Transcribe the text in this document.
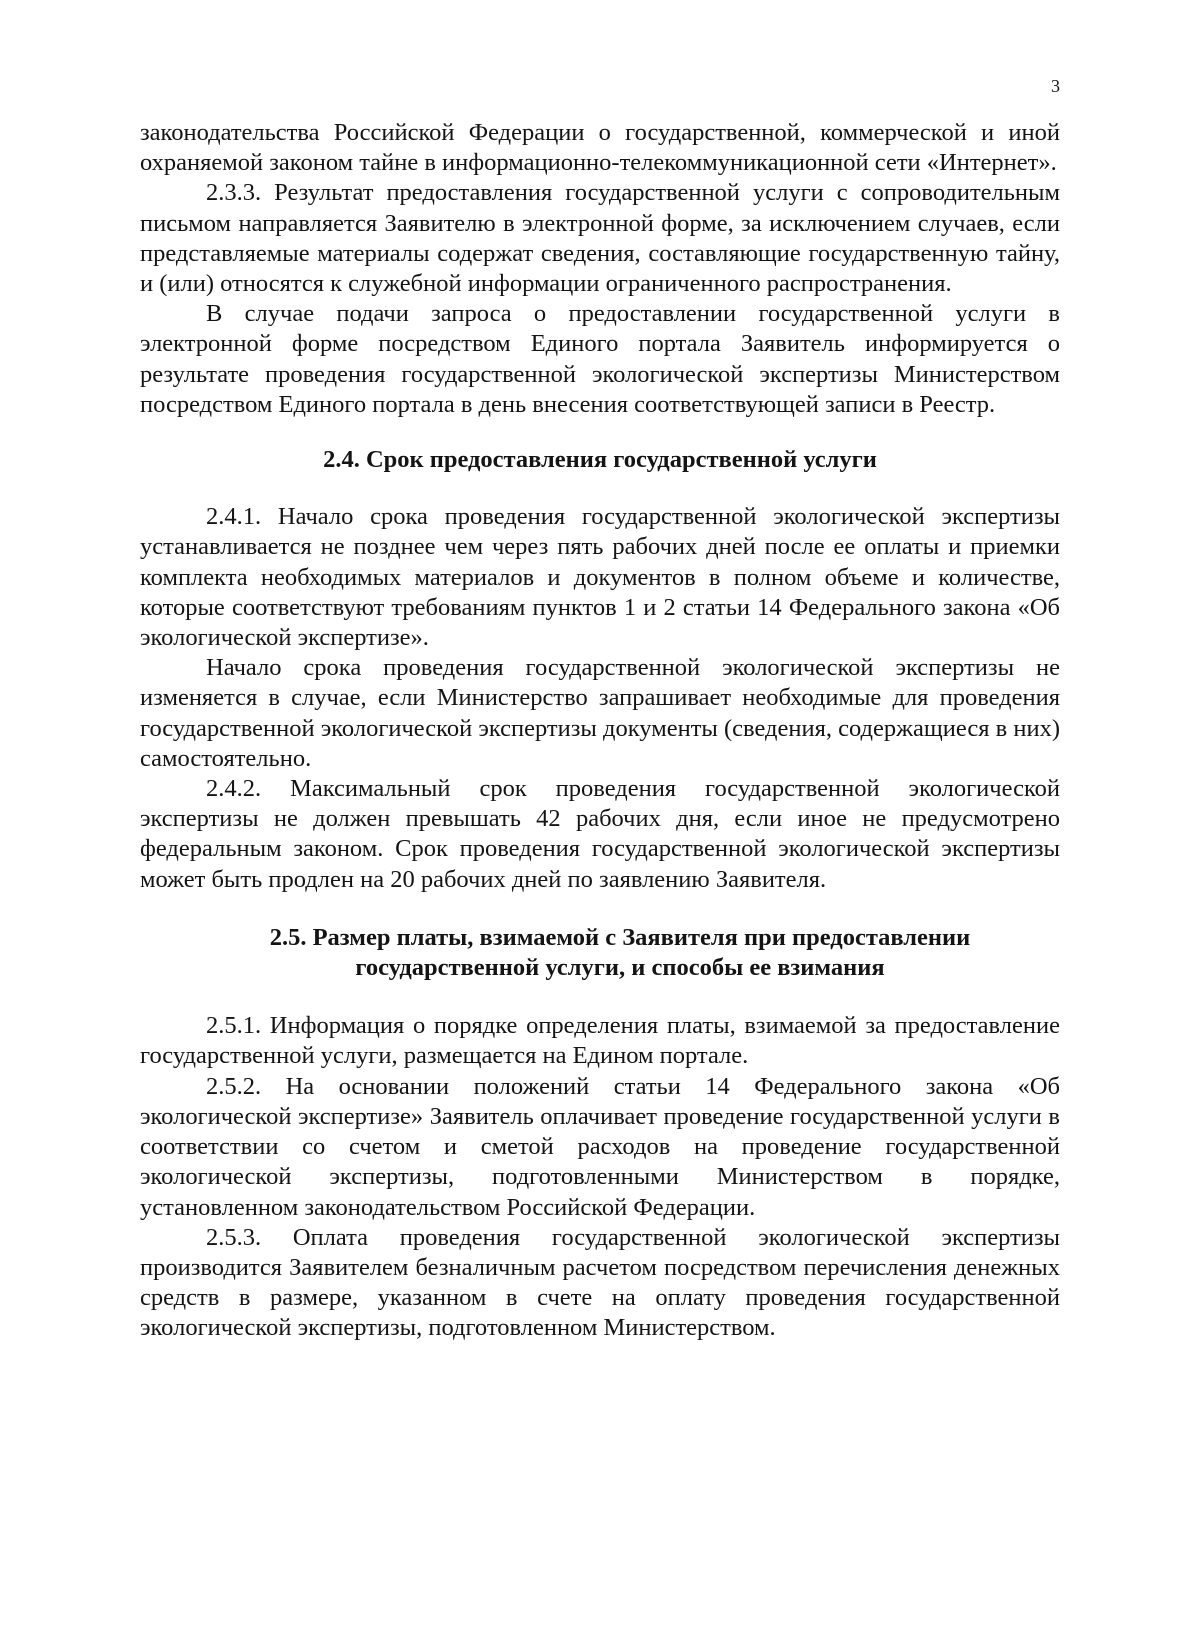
3

законодательства Российской Федерации о государственной, коммерческой и иной охраняемой законом тайне в информационно-телекоммуникационной сети «Интернет».

2.3.3. Результат предоставления государственной услуги с сопроводительным письмом направляется Заявителю в электронной форме, за исключением случаев, если представляемые материалы содержат сведения, составляющие государственную тайну, и (или) относятся к служебной информации ограниченного распространения.

В случае подачи запроса о предоставлении государственной услуги в электронной форме посредством Единого портала Заявитель информируется о результате проведения государственной экологической экспертизы Министерством посредством Единого портала в день внесения соответствующей записи в Реестр.

2.4. Срок предоставления государственной услуги

2.4.1. Начало срока проведения государственной экологической экспертизы устанавливается не позднее чем через пять рабочих дней после ее оплаты и приемки комплекта необходимых материалов и документов в полном объеме и количестве, которые соответствуют требованиям пунктов 1 и 2 статьи 14 Федерального закона «Об экологической экспертизе».

Начало срока проведения государственной экологической экспертизы не изменяется в случае, если Министерство запрашивает необходимые для проведения государственной экологической экспертизы документы (сведения, содержащиеся в них) самостоятельно.

2.4.2. Максимальный срок проведения государственной экологической экспертизы не должен превышать 42 рабочих дня, если иное не предусмотрено федеральным законом. Срок проведения государственной экологической экспертизы может быть продлен на 20 рабочих дней по заявлению Заявителя.

2.5. Размер платы, взимаемой с Заявителя при предоставлении
государственной услуги, и способы ее взимания

2.5.1. Информация о порядке определения платы, взимаемой за предоставление государственной услуги, размещается на Едином портале.

2.5.2. На основании положений статьи 14 Федерального закона «Об экологической экспертизе» Заявитель оплачивает проведение государственной услуги в соответствии со счетом и сметой расходов на проведение государственной экологической экспертизы, подготовленными Министерством в порядке, установленном законодательством Российской Федерации.

2.5.3. Оплата проведения государственной экологической экспертизы производится Заявителем безналичным расчетом посредством перечисления денежных средств в размере, указанном в счете на оплату проведения государственной экологической экспертизы, подготовленном Министерством.
